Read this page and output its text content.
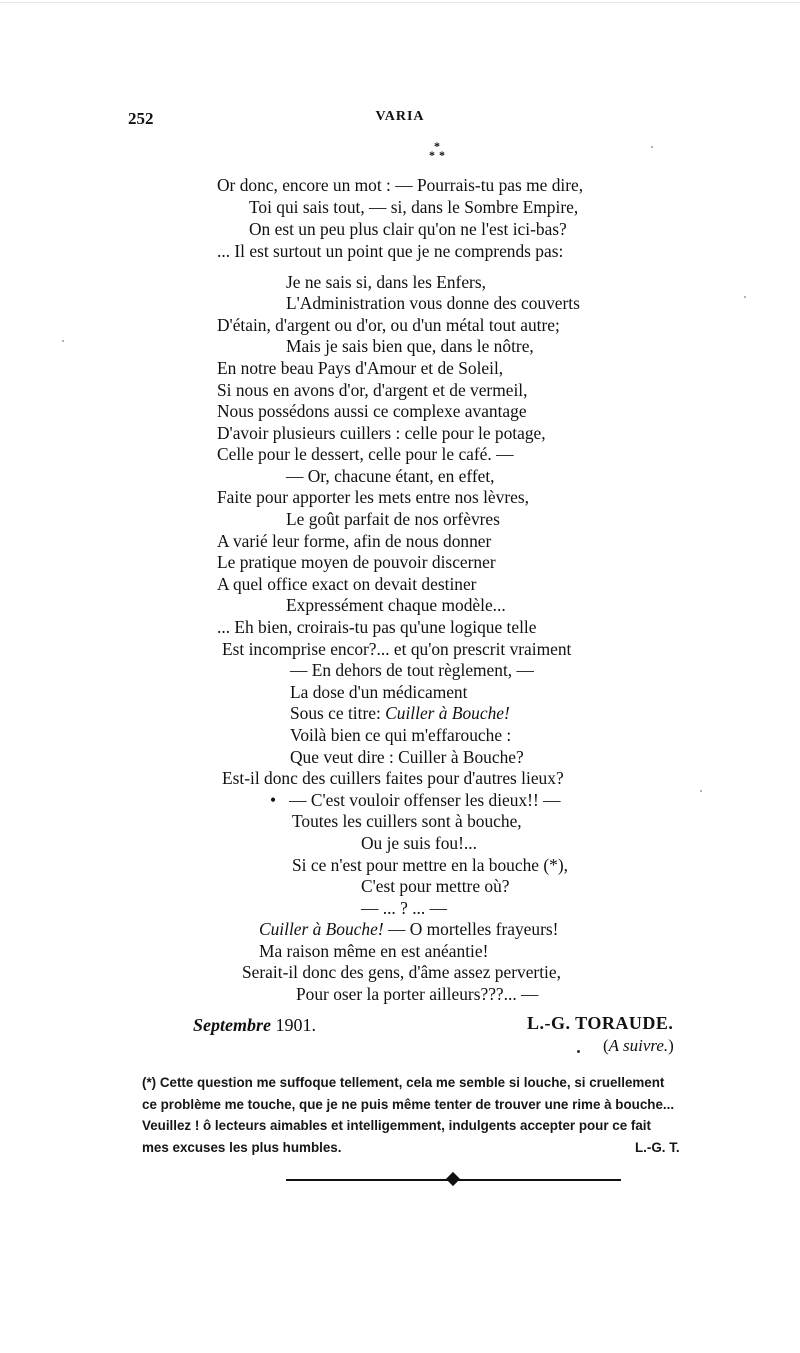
252	VARIA
*
* *
Or donc, encore un mot : — Pourrais-tu pas me dire,
Toi qui sais tout, — si, dans le Sombre Empire,
On est un peu plus clair qu'on ne l'est ici-bas?
... Il est surtout un point que je ne comprends pas:
Je ne sais si, dans les Enfers,
L'Administration vous donne des couverts
D'étain, d'argent ou d'or, ou d'un métal tout autre;
Mais je sais bien que, dans le nôtre,
En notre beau Pays d'Amour et de Soleil,
Si nous en avons d'or, d'argent et de vermeil,
Nous possédons aussi ce complexe avantage
D'avoir plusieurs cuillers : celle pour le potage,
Celle pour le dessert, celle pour le café. —
— Or, chacune étant, en effet,
Faite pour apporter les mets entre nos lèvres,
Le goût parfait de nos orfèvres
A varié leur forme, afin de nous donner
Le pratique moyen de pouvoir discerner
A quel office exact on devait destiner
Expressément chaque modèle...
... Eh bien, croirais-tu pas qu'une logique telle
Est incomprise encor?... et qu'on prescrit vraiment
— En dehors de tout règlement, —
La dose d'un médicament
Sous ce titre: Cuiller à Bouche!
Voilà bien ce qui m'effarouche :
Que veut dire : Cuiller à Bouche?
Est-il donc des cuillers faites pour d'autres lieux?
• — C'est vouloir offenser les dieux!! —
Toutes les cuillers sont à bouche,
Ou je suis fou!...
Si ce n'est pour mettre en la bouche (*),
C'est pour mettre où?
— ... ? ... —
Cuiller à Bouche! — O mortelles frayeurs!
Ma raison même en est anéantie!
Serait-il donc des gens, d'âme assez pervertie,
Pour oser la porter ailleurs???... —
Septembre 1901.	L.-G. TORAUDE.
(A suivre.)
(*) Cette question me suffoque tellement, cela me semble si louche, si cruellement
ce problème me touche, que je ne puis même tenter de trouver une rime à bouche...
Veuillez ! ô lecteurs aimables et intelligemment, indulgents accepter pour ce fait
mes excuses les plus humbles.	L.-G. T.
